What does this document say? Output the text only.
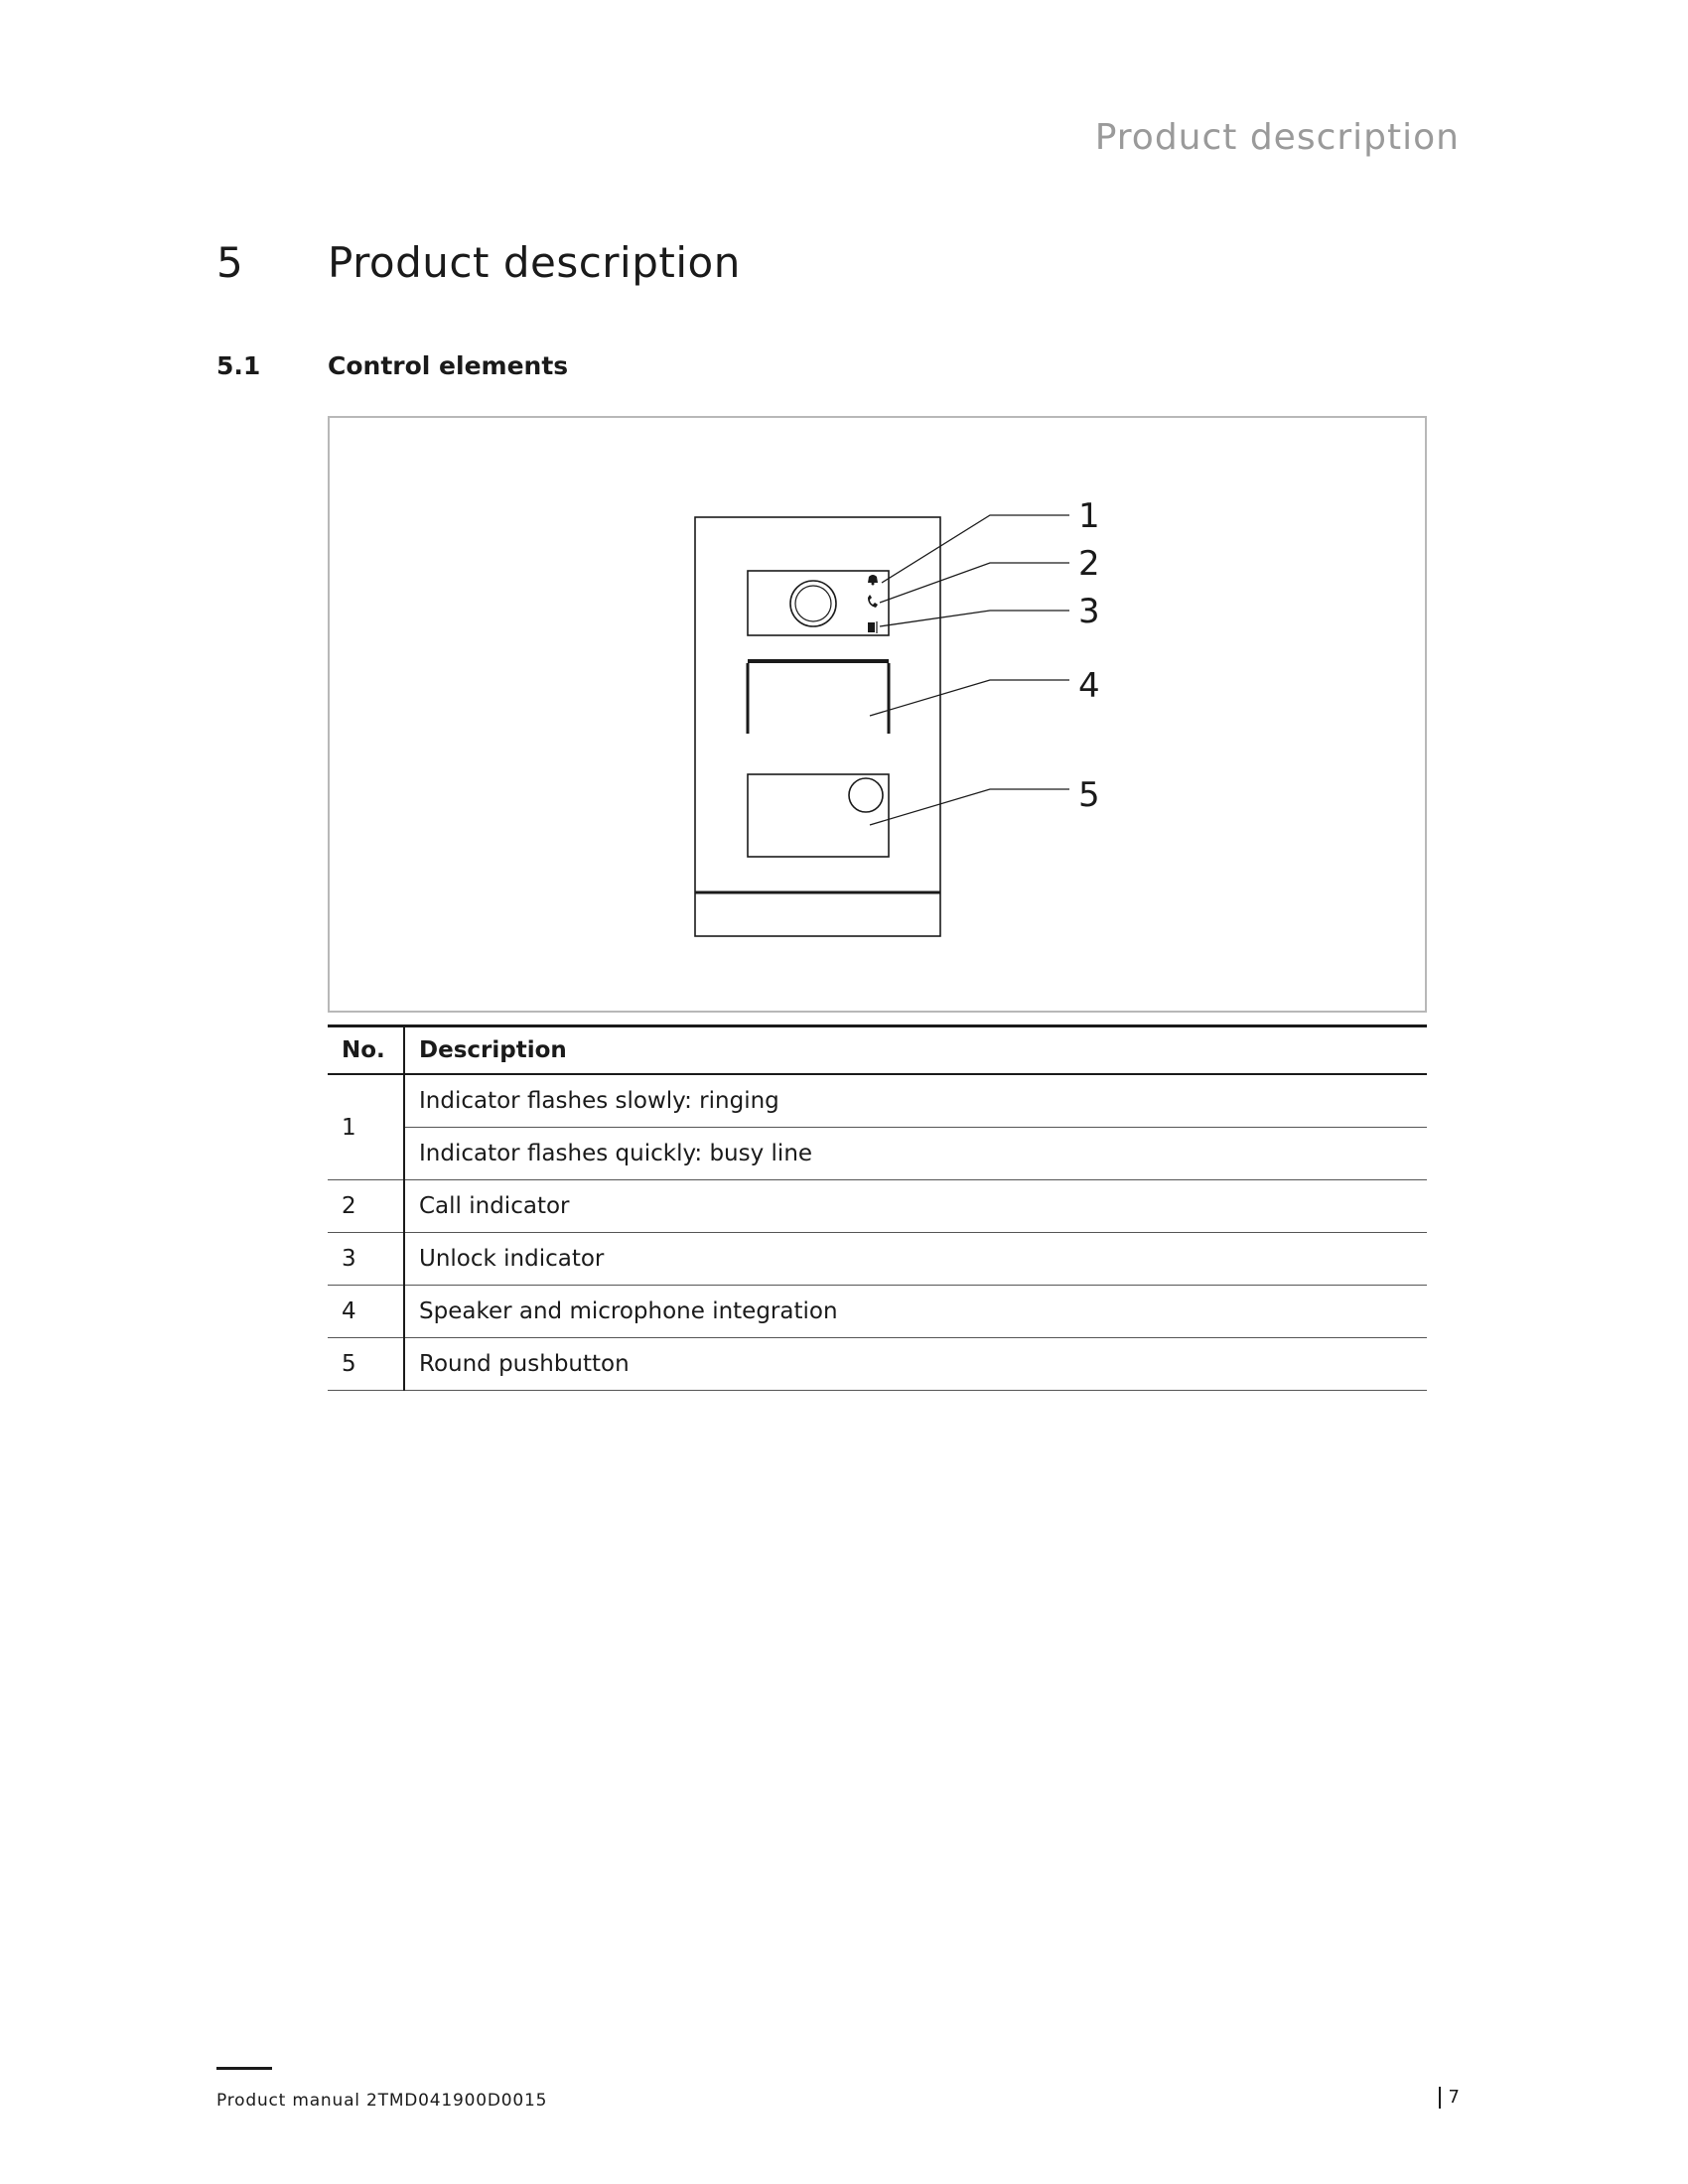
Product description
5 Product description
5.1	Control elements
1
2
3
4
5
No.	Description
1	Indicator flashes slowly: ringing
	Indicator flashes quickly: busy line
2	Call indicator
3	Unlock indicator
4	Speaker and microphone integration
5	Round pushbutton
Product manual 2TMD041900D0015	7
